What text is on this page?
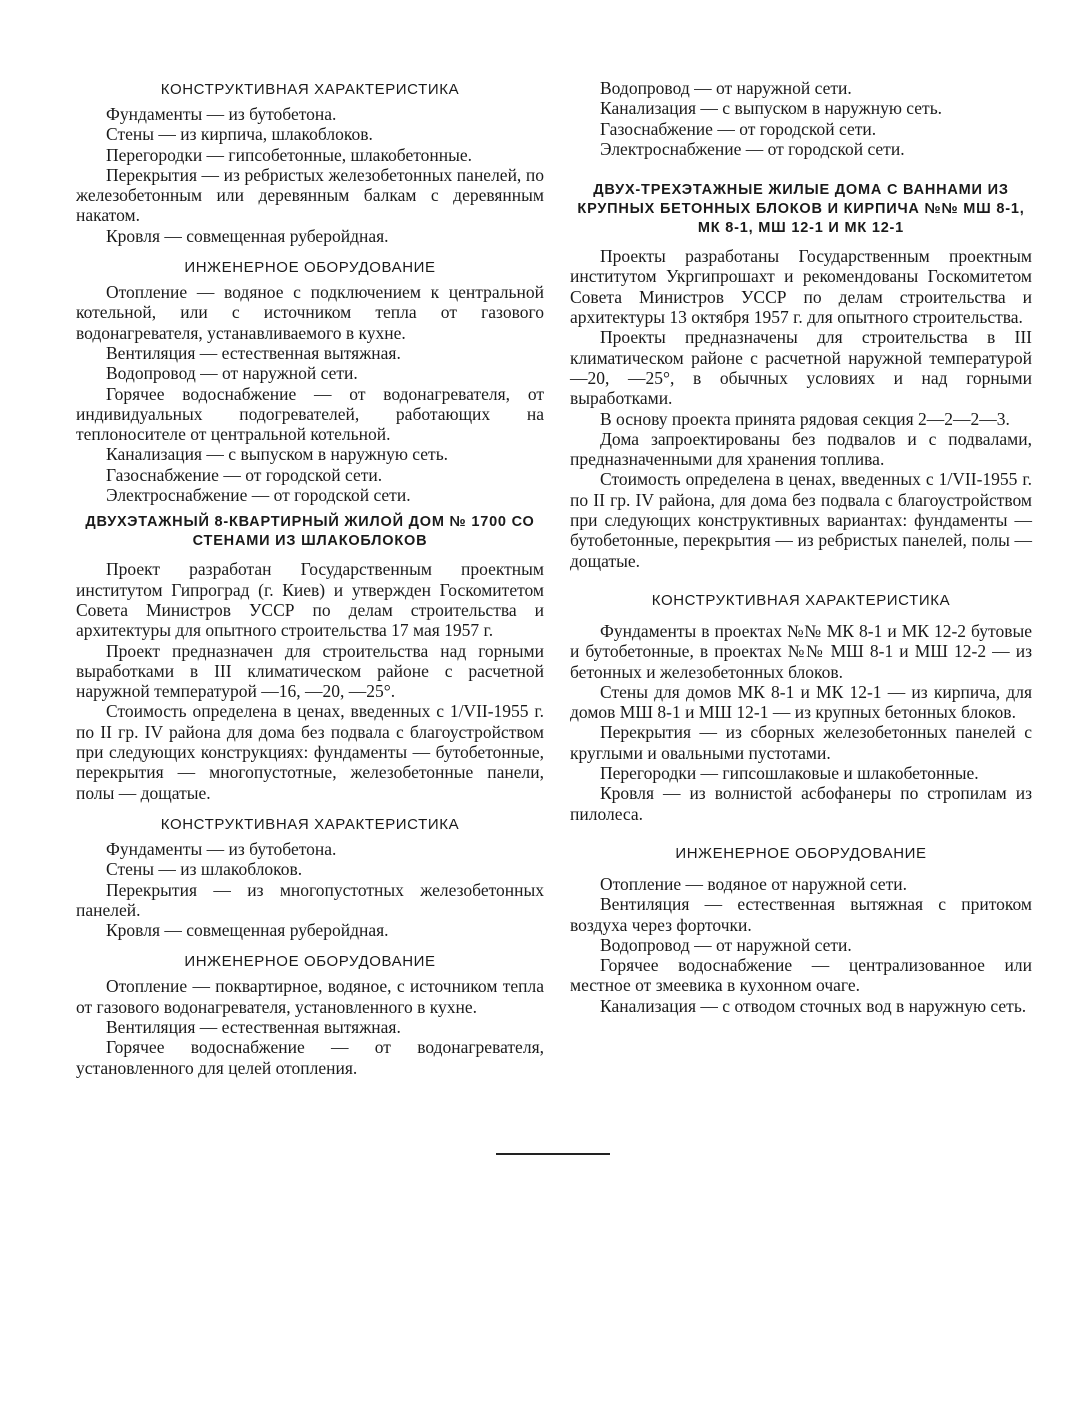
КОНСТРУКТИВНАЯ ХАРАКТЕРИСТИКА

Фундаменты — из бутобетона.

Стены — из кирпича, шлакоблоков.

Перегородки — гипсобетонные, шлакобетонные.

Перекрытия — из ребристых железобетонных панелей, по железобетонным или деревянным балкам с деревянным накатом.

Кровля — совмещенная руберойдная.

ИНЖЕНЕРНОЕ ОБОРУДОВАНИЕ

Отопление — водяное с подключением к центральной котельной, или с источником тепла от газового водонагревателя, устанавливаемого в кухне.

Вентиляция — естественная вытяжная.

Водопровод — от наружной сети.

Горячее водоснабжение — от водонагревателя, от индивидуальных подогревателей, работающих на теплоносителе от центральной котельной.

Канализация — с выпуском в наружную сеть.

Газоснабжение — от городской сети.

Электроснабжение — от городской сети.

ДВУХЭТАЖНЫЙ 8-КВАРТИРНЫЙ ЖИЛОЙ ДОМ № 1700 СО СТЕНАМИ ИЗ ШЛАКОБЛОКОВ

Проект разработан Государственным проектным институтом Гипроград (г. Киев) и утвержден Госкомитетом Совета Министров УССР по делам строительства и архитектуры для опытного строительства 17 мая 1957 г.

Проект предназначен для строительства над горными выработками в III климатическом районе с расчетной наружной температурой —16, —20, —25°.

Стоимость определена в ценах, введенных с 1/VII-1955 г. по II гр. IV района для дома без подвала с благоустройством при следующих конструкциях: фундаменты — бутобетонные, перекрытия — многопустотные, железобетонные панели, полы — дощатые.

КОНСТРУКТИВНАЯ ХАРАКТЕРИСТИКА

Фундаменты — из бутобетона.

Стены — из шлакоблоков.

Перекрытия — из многопустотных железобетонных панелей.

Кровля — совмещенная руберойдная.

ИНЖЕНЕРНОЕ ОБОРУДОВАНИЕ

Отопление — поквартирное, водяное, с источником тепла от газового водонагревателя, установленного в кухне.

Вентиляция — естественная вытяжная.

Горячее водоснабжение — от водонагревателя, установленного для целей отопления.

Водопровод — от наружной сети.

Канализация — с выпуском в наружную сеть.

Газоснабжение — от городской сети.

Электроснабжение — от городской сети.

ДВУХ-ТРЕХЭТАЖНЫЕ ЖИЛЫЕ ДОМА С ВАННАМИ ИЗ КРУПНЫХ БЕТОННЫХ БЛОКОВ И КИРПИЧА №№ МШ 8-1, МК 8-1, МШ 12-1 И МК 12-1

Проекты разработаны Государственным проектным институтом Укргипрошахт и рекомендованы Госкомитетом Совета Министров УССР по делам строительства и архитектуры 13 октября 1957 г. для опытного строительства.

Проекты предназначены для строительства в III климатическом районе с расчетной наружной температурой —20, —25°, в обычных условиях и над горными выработками.

В основу проекта принята рядовая секция 2—2—2—3.

Дома запроектированы без подвалов и с подвалами, предназначенными для хранения топлива.

Стоимость определена в ценах, введенных с 1/VII-1955 г. по II гр. IV района, для дома без подвала с благоустройством при следующих конструктивных вариантах: фундаменты — бутобетонные, перекрытия — из ребристых панелей, полы — дощатые.

КОНСТРУКТИВНАЯ ХАРАКТЕРИСТИКА

Фундаменты в проектах №№ МК 8-1 и МК 12-2 бутовые и бутобетонные, в проектах №№ МШ 8-1 и МШ 12-2 — из бетонных и железобетонных блоков.

Стены для домов МК 8-1 и МК 12-1 — из кирпича, для домов МШ 8-1 и МШ 12-1 — из крупных бетонных блоков.

Перекрытия — из сборных железобетонных панелей с круглыми и овальными пустотами.

Перегородки — гипсошлаковые и шлакобетонные.

Кровля — из волнистой асбофанеры по стропилам из пилолеса.

ИНЖЕНЕРНОЕ ОБОРУДОВАНИЕ

Отопление — водяное от наружной сети.

Вентиляция — естественная вытяжная с притоком воздуха через форточки.

Водопровод — от наружной сети.

Горячее водоснабжение — централизованное или местное от змеевика в кухонном очаге.

Канализация — с отводом сточных вод в наружную сеть.
